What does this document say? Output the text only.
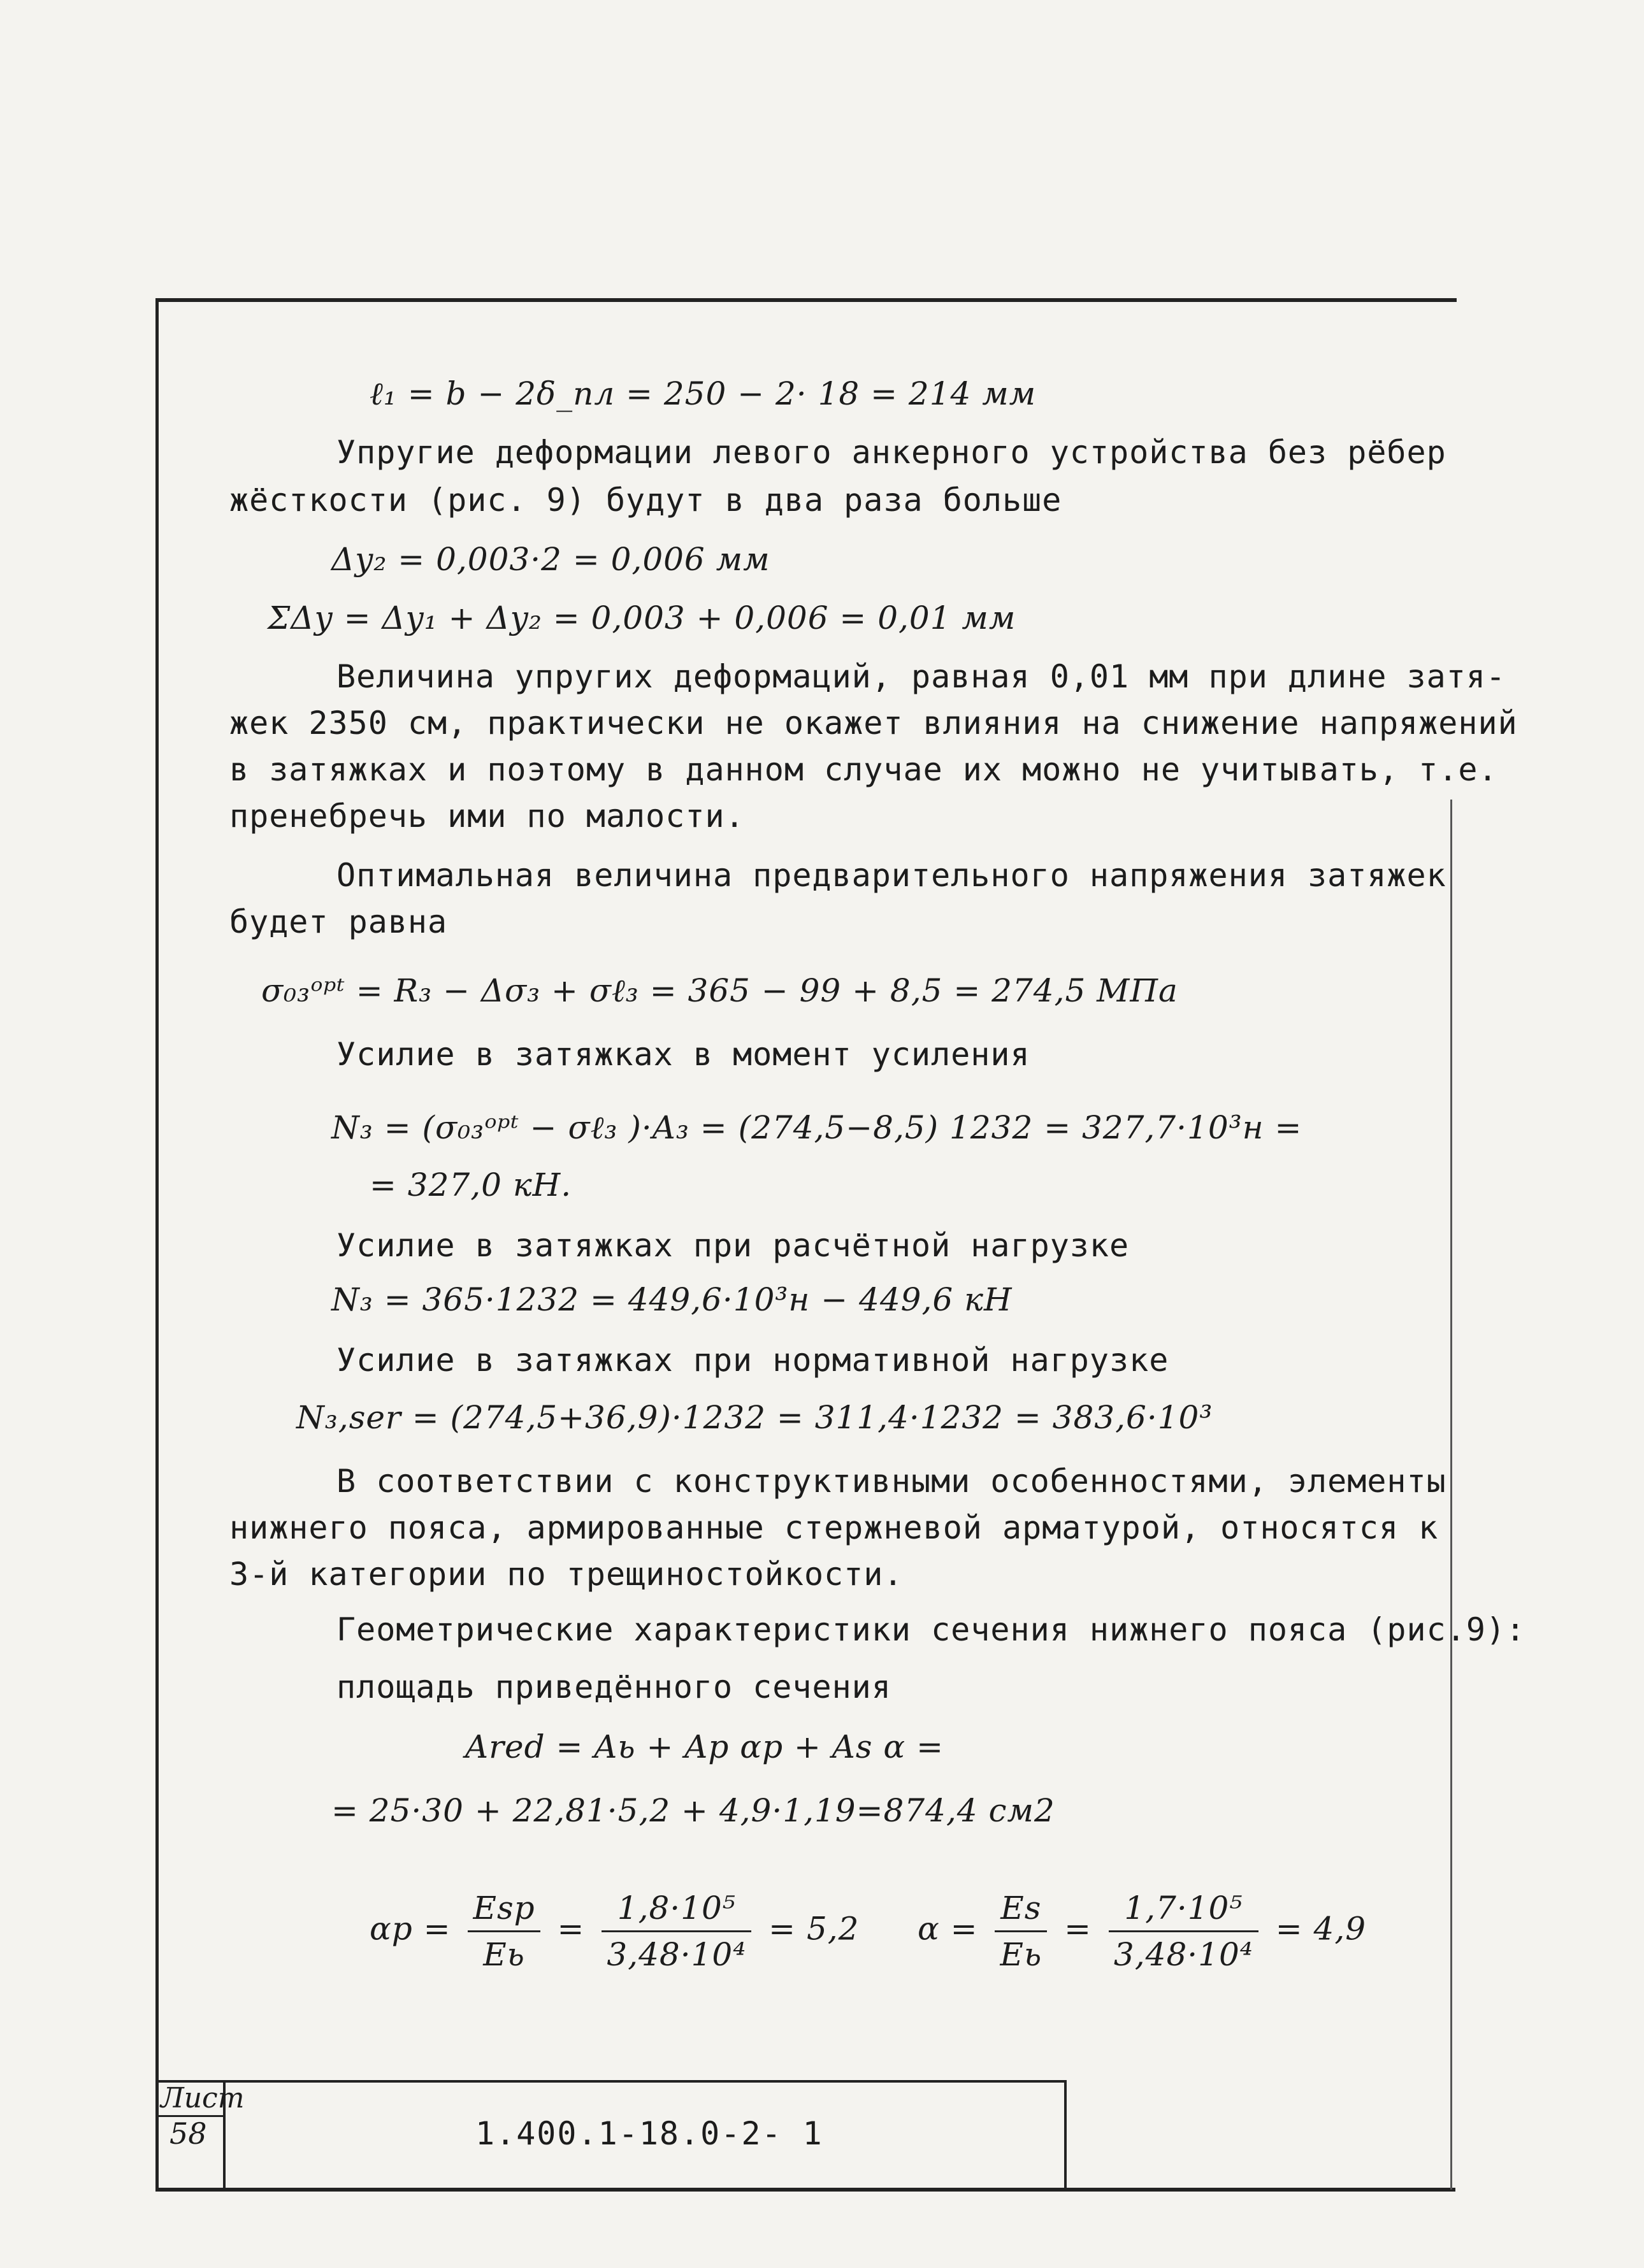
ℓ₁ = b − 2δ_пл = 250 − 2· 18 = 214 мм
Упругие деформации левого анкерного устройства без рёбер
жёсткости (рис. 9) будут в два раза больше
Δy₂ = 0,003·2 = 0,006 мм
ΣΔy = Δy₁ + Δy₂ = 0,003 + 0,006 = 0,01 мм
Величина упругих деформаций, равная 0,01 мм при длине затя-
жек 2350 см, практически не окажет влияния на снижение напряжений
в затяжках и поэтому в данном случае их можно не учитывать, т.е.
пренебречь ими по малости.
Оптимальная величина предварительного напряжения затяжек
будет равна
σ₀₃ᵒᵖᵗ = R₃ − Δσ₃ + σℓ₃ = 365 − 99 + 8,5 = 274,5 МПа
Усилие в затяжках в момент усиления
N₃ = (σ₀₃ᵒᵖᵗ − σℓ₃ )·A₃ = (274,5−8,5) 1232 = 327,7·10³н =
= 327,0 кН.
Усилие в затяжках при расчётной нагрузке
N₃ = 365·1232 = 449,6·10³н − 449,6 кН
Усилие в затяжках при нормативной нагрузке
N₃,ser = (274,5+36,9)·1232 = 311,4·1232 = 383,6·10³
В соответствии с конструктивными особенностями, элементы
нижнего пояса, армированные стержневой арматурой, относятся к
3-й категории по трещиностойкости.
Геометрические характеристики сечения нижнего пояса (рис.9):
площадь приведённого сечения
Ared = Aь + Aр αр + As α =
= 25·30 + 22,81·5,2 + 4,9·1,19=874,4 см2
$\alpha р = \frac{\text{Esр}}{Eь} = \frac{\text{1,8·10⁵}}{\text{3,48·10⁴}} = 5,2$ $\alpha = \frac{Es}{Eь} = \frac{\text{1,7·10⁵}}{\text{3,48·10⁴}} = 4,9$
Лист
58	1.400.1-18.0-2- 1
